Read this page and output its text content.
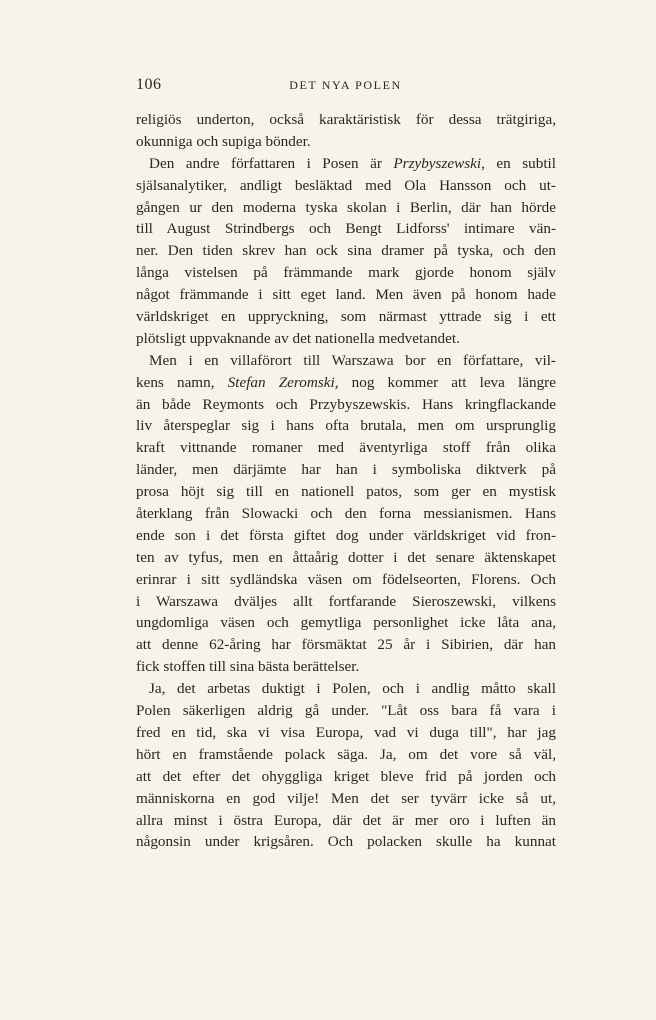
106	DET NYA POLEN
religiös underton, också karaktäristisk för dessa trätgiriga,
okunniga och supiga bönder.
Den andre författaren i Posen är Przybyszewski, en subtil
själsanalytiker, andligt besläktad med Ola Hansson och ut-
gången ur den moderna tyska skolan i Berlin, där han hörde
till August Strindbergs och Bengt Lidforss' intimare vän-
ner. Den tiden skrev han ock sina dramer på tyska, och den
långa vistelsen på främmande mark gjorde honom själv
något främmande i sitt eget land. Men även på honom hade
världskriget en uppryckning, som närmast yttrade sig i ett
plötsligt uppvaknande av det nationella medvetandet.
Men i en villaförort till Warszawa bor en författare, vil-
kens namn, Stefan Zeromski, nog kommer att leva längre
än både Reymonts och Przybyszewskis. Hans kringflackande
liv återspeglar sig i hans ofta brutala, men om ursprunglig
kraft vittnande romaner med äventyrliga stoff från olika
länder, men därjämte har han i symboliska diktverk på
prosa höjt sig till en nationell patos, som ger en mystisk
återklang från Slowacki och den forna messianismen. Hans
ende son i det första giftet dog under världskriget vid fron-
ten av tyfus, men en åttaårig dotter i det senare äktenskapet
erinrar i sitt sydländska väsen om födelseorten, Florens. Och
i Warszawa dväljes allt fortfarande Sieroszewski, vilkens
ungdomliga väsen och gemytliga personlighet icke låta ana,
att denne 62-åring har försmäktat 25 år i Sibirien, där han
fick stoffen till sina bästa berättelser.
Ja, det arbetas duktigt i Polen, och i andlig måtto skall
Polen säkerligen aldrig gå under. "Låt oss bara få vara i
fred en tid, ska vi visa Europa, vad vi duga till", har jag
hört en framstående polack säga. Ja, om det vore så väl,
att det efter det ohyggliga kriget bleve frid på jorden och
människorna en god vilje! Men det ser tyvärr icke så ut,
allra minst i östra Europa, där det är mer oro i luften än
någonsin under krigsåren. Och polacken skulle ha kunnat
